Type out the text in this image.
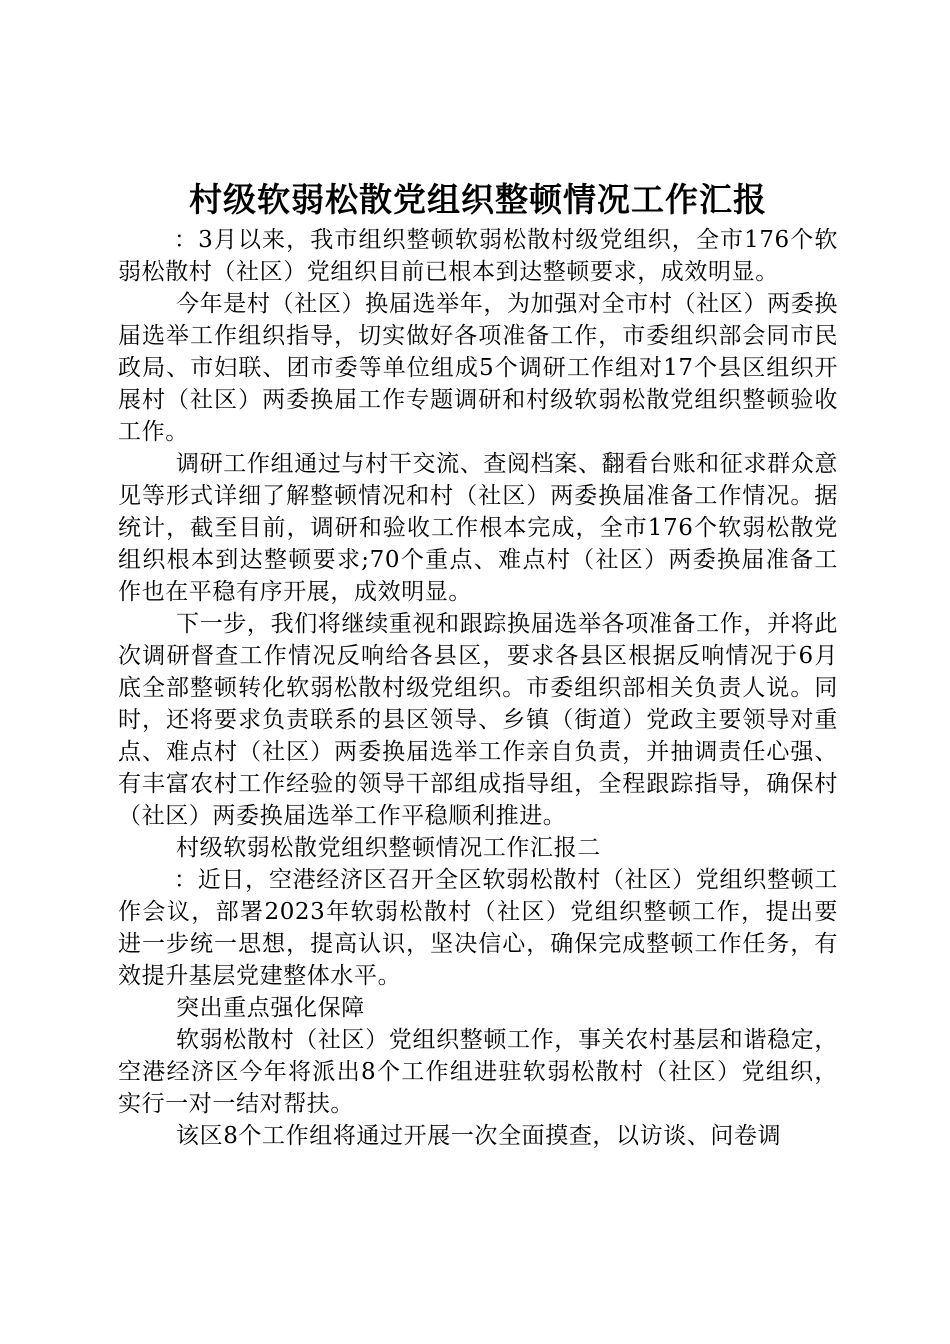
村级软弱松散党组织整顿情况工作汇报

：3月以来，我市组织整顿软弱松散村级党组织，全市176个软弱松散村（社区）党组织目前已根本到达整顿要求，成效明显。

今年是村（社区）换届选举年，为加强对全市村（社区）两委换届选举工作组织指导，切实做好各项准备工作，市委组织部会同市民政局、市妇联、团市委等单位组成5个调研工作组对17个县区组织开展村（社区）两委换届工作专题调研和村级软弱松散党组织整顿验收工作。

调研工作组通过与村干交流、查阅档案、翻看台账和征求群众意见等形式详细了解整顿情况和村（社区）两委换届准备工作情况。据统计，截至目前，调研和验收工作根本完成，全市176个软弱松散党组织根本到达整顿要求;70个重点、难点村（社区）两委换届准备工作也在平稳有序开展，成效明显。

下一步，我们将继续重视和跟踪换届选举各项准备工作，并将此次调研督查工作情况反响给各县区，要求各县区根据反响情况于6月底全部整顿转化软弱松散村级党组织。市委组织部相关负责人说。同时，还将要求负责联系的县区领导、乡镇（街道）党政主要领导对重点、难点村（社区）两委换届选举工作亲自负责，并抽调责任心强、有丰富农村工作经验的领导干部组成指导组，全程跟踪指导，确保村（社区）两委换届选举工作平稳顺利推进。

村级软弱松散党组织整顿情况工作汇报二

：近日，空港经济区召开全区软弱松散村（社区）党组织整顿工作会议，部署2023年软弱松散村（社区）党组织整顿工作，提出要进一步统一思想，提高认识，坚决信心，确保完成整顿工作任务，有效提升基层党建整体水平。

突出重点强化保障

软弱松散村（社区）党组织整顿工作，事关农村基层和谐稳定，空港经济区今年将派出8个工作组进驻软弱松散村（社区）党组织，实行一对一结对帮扶。

该区8个工作组将通过开展一次全面摸查，以访谈、问卷调
